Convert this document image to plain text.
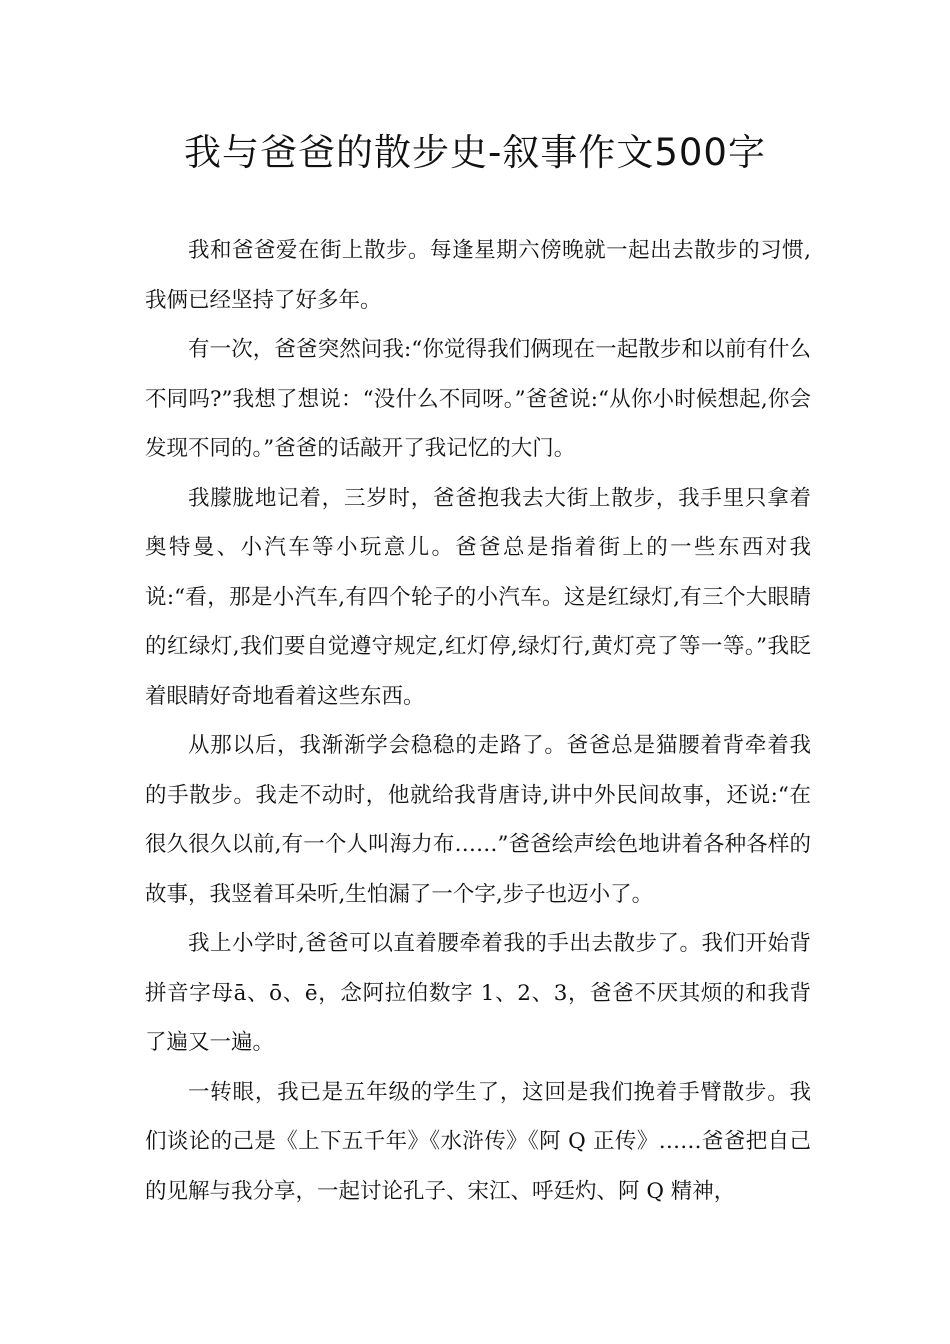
我与爸爸的散步史-叙事作文500字

我和爸爸爱在街上散步。每逢星期六傍晚就一起出去散步的习惯,我俩已经坚持了好多年。

有一次，爸爸突然问我:“你觉得我们俩现在一起散步和以前有什么不同吗?”我想了想说：“没什么不同呀。”爸爸说:“从你小时候想起,你会发现不同的。”爸爸的话敲开了我记忆的大门。

我朦胧地记着，三岁时，爸爸抱我去大街上散步，我手里只拿着奥特曼、小汽车等小玩意儿。爸爸总是指着街上的一些东西对我说:“看，那是小汽车,有四个轮子的小汽车。这是红绿灯,有三个大眼睛的红绿灯,我们要自觉遵守规定,红灯停,绿灯行,黄灯亮了等一等。”我眨着眼睛好奇地看着这些东西。

从那以后，我渐渐学会稳稳的走路了。爸爸总是猫腰着背牵着我的手散步。我走不动时，他就给我背唐诗,讲中外民间故事，还说:“在很久很久以前,有一个人叫海力布……”爸爸绘声绘色地讲着各种各样的故事，我竖着耳朵听,生怕漏了一个字,步子也迈小了。

我上小学时,爸爸可以直着腰牵着我的手出去散步了。我们开始背拼音字母ā、ō、ē，念阿拉伯数字 1、2、3，爸爸不厌其烦的和我背了遍又一遍。

一转眼，我已是五年级的学生了，这回是我们挽着手臂散步。我们谈论的己是《上下五千年》《水浒传》《阿 Q 正传》……爸爸把自己的见解与我分享，一起讨论孔子、宋江、呼廷灼、阿 Q 精神，
